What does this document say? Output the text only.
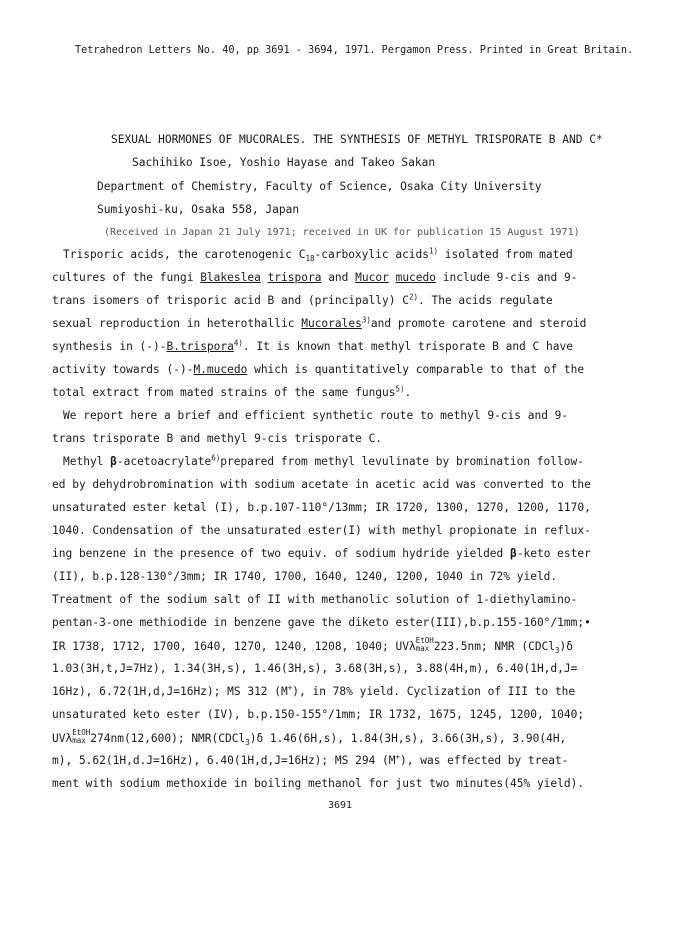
Tetrahedron Letters No. 40, pp 3691 - 3694, 1971. Pergamon Press. Printed in Great Britain.
SEXUAL HORMONES OF MUCORALES. THE SYNTHESIS OF METHYL TRISPORATE B AND C*
Sachihiko Isoe, Yoshio Hayase and Takeo Sakan
Department of Chemistry, Faculty of Science, Osaka City University
Sumiyoshi-ku, Osaka 558, Japan
(Received in Japan 21 July 1971; received in UK for publication 15 August 1971)
Trisporic acids, the carotenogenic $C_{18}$-carboxylic acids$^{1)}$ isolated from mated
cultures of the fungi Blakeslea trispora and Mucor mucedo include 9-cis and 9-
trans isomers of trisporic acid B and (principally) $C^{2)}$. The acids regulate
sexual reproduction in heterothallic Mucorales$^{3)}$and promote carotene and steroid
synthesis in (-)-B.trispora$^{4)}$. It is known that methyl trisporate B and C have
activity towards (-)-M.mucedo which is quantitatively comparable to that of the
total extract from mated strains of the same fungus$^{5)}$.
We report here a brief and efficient synthetic route to methyl 9-cis and 9-
trans trisporate B and methyl 9-cis trisporate C.
Methyl β-acetoacrylate$^{6)}$prepared from methyl levulinate by bromination follow-
ed by dehydrobromination with sodium acetate in acetic acid was converted to the
unsaturated ester ketal (I), b.p.107-110°/13mm; IR 1720, 1300, 1270, 1200, 1170,
1040. Condensation of the unsaturated ester(I) with methyl propionate in reflux-
ing benzene in the presence of two equiv. of sodium hydride yielded β-keto ester
(II), b.p.128-130°/3mm; IR 1740, 1700, 1640, 1240, 1200, 1040 in 72% yield.
Treatment of the sodium salt of II with methanolic solution of 1-diethylamino-
pentan-3-one methiodide in benzene gave the diketo ester(III),b.p.155-160°/1mm;•
IR 1738, 1712, 1700, 1640, 1270, 1240, 1208, 1040; UVλ EtOH
max 223.5nm; NMR (CDCl$_3$)δ
1.03(3H,t,J=7Hz), 1.34(3H,s), 1.46(3H,s), 3.68(3H,s), 3.88(4H,m), 6.40(1H,d,J=
16Hz), 6.72(1H,d,J=16Hz); MS 312 (M+), in 78% yield. Cyclization of III to the
unsaturated keto ester (IV), b.p.150-155°/1mm; IR 1732, 1675, 1245, 1200, 1040;
UVλ EtOH
max 274nm(12,600); NMR(CDCl$_3$)δ 1.46(6H,s), 1.84(3H,s), 3.66(3H,s), 3.90(4H,
m), 5.62(1H,d.J=16Hz), 6.40(1H,d,J=16Hz); MS 294 (M+), was effected by treat-
ment with sodium methoxide in boiling methanol for just two minutes(45% yield).
3691
